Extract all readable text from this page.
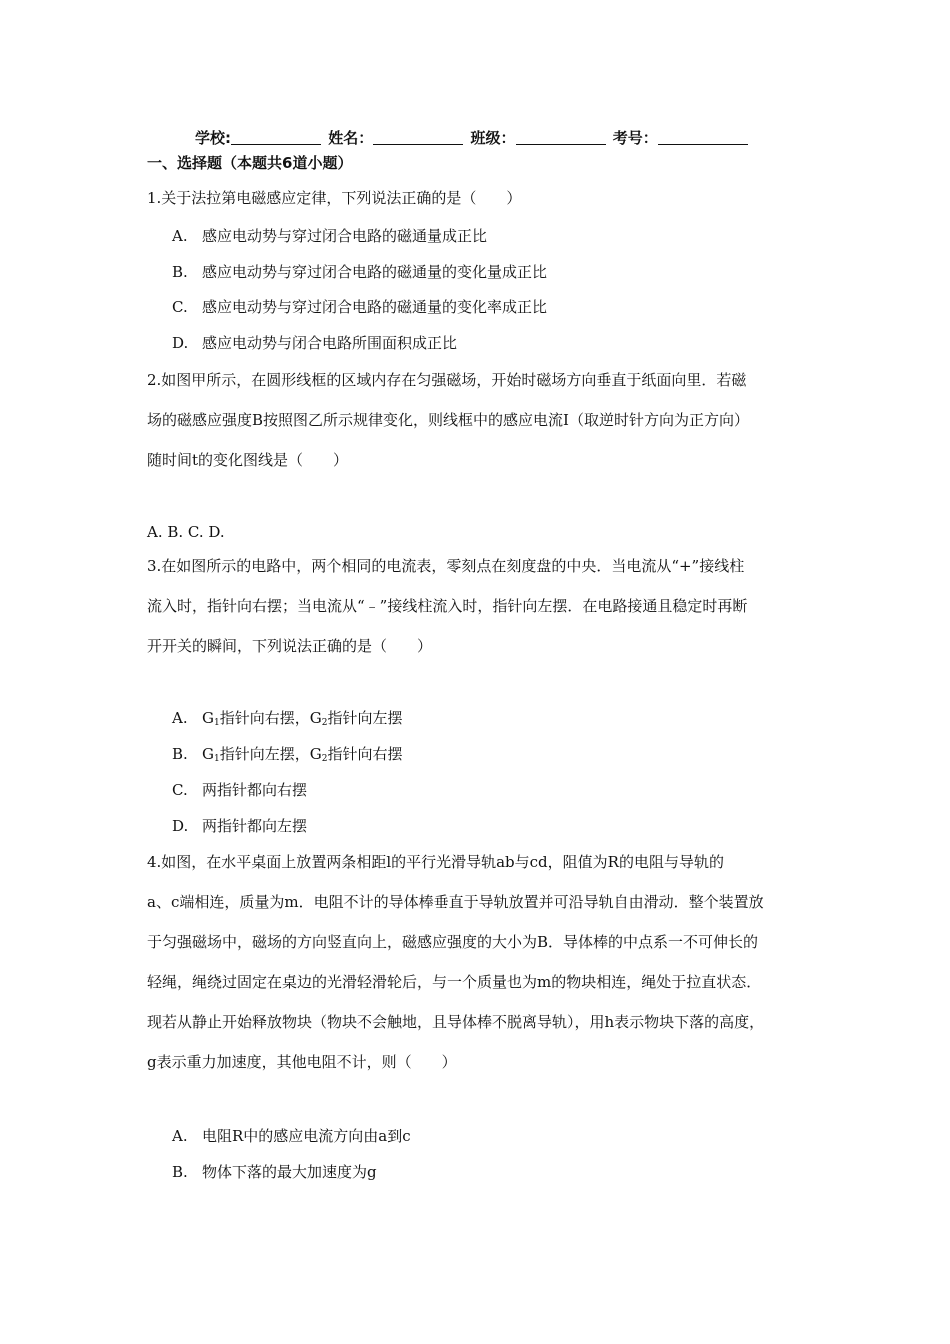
学校:	姓名：	班级：	考号：
一、选择题（本题共6道小题）
1.关于法拉第电磁感应定律，下列说法正确的是（　　）
A. 感应电动势与穿过闭合电路的磁通量成正比
B. 感应电动势与穿过闭合电路的磁通量的变化量成正比
C. 感应电动势与穿过闭合电路的磁通量的变化率成正比
D. 感应电动势与闭合电路所围面积成正比
2.如图甲所示，在圆形线框的区域内存在匀强磁场，开始时磁场方向垂直于纸面向里．若磁
场的磁感应强度B按照图乙所示规律变化，则线框中的感应电流I（取逆时针方向为正方向）
随时间t的变化图线是（　　）
A. B. C. D.
3.在如图所示的电路中，两个相同的电流表，零刻点在刻度盘的中央．当电流从“+”接线柱
流入时，指针向右摆；当电流从“﹣”接线柱流入时，指针向左摆．在电路接通且稳定时再断
开开关的瞬间，下列说法正确的是（　　）
A. $G_1$指针向右摆，$G_2$指针向左摆
B. $G_1$指针向左摆，$G_2$指针向右摆
C. 两指针都向右摆
D. 两指针都向左摆
4.如图，在水平桌面上放置两条相距l的平行光滑导轨ab与cd，阻值为R的电阻与导轨的
a、c端相连，质量为m．电阻不计的导体棒垂直于导轨放置并可沿导轨自由滑动．整个装置放
于匀强磁场中，磁场的方向竖直向上，磁感应强度的大小为B．导体棒的中点系一不可伸长的
轻绳，绳绕过固定在桌边的光滑轻滑轮后，与一个质量也为m的物块相连，绳处于拉直状态．
现若从静止开始释放物块（物块不会触地，且导体棒不脱离导轨），用h表示物块下落的高度，
g表示重力加速度，其他电阻不计，则（　　）
A. 电阻R中的感应电流方向由a到c
B. 物体下落的最大加速度为g
